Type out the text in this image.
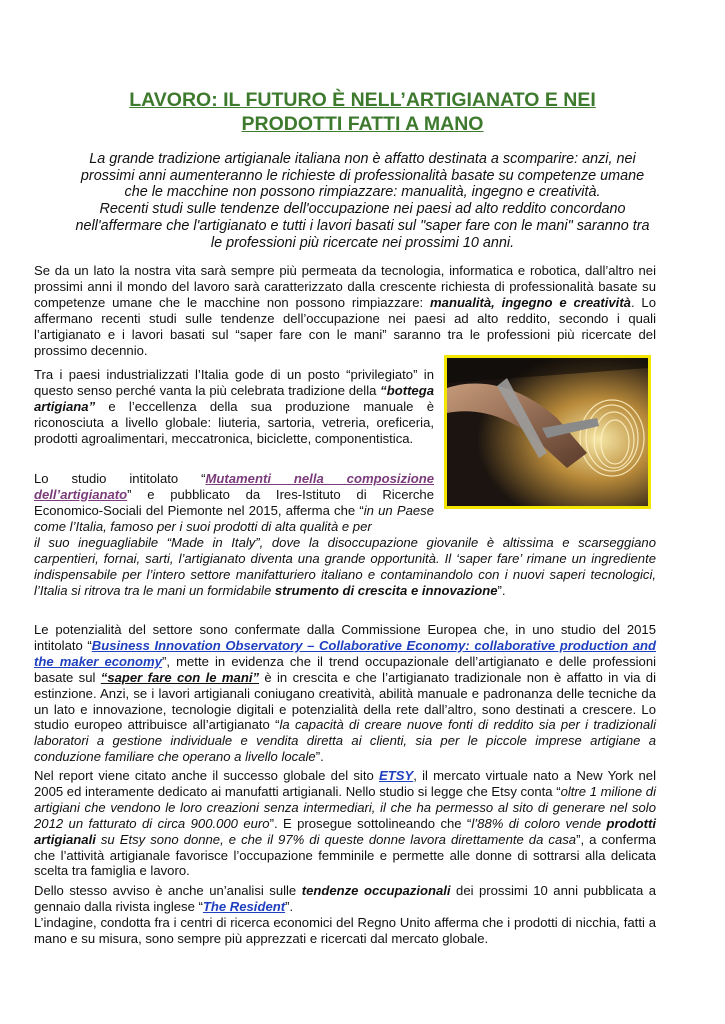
LAVORO: IL FUTURO È NELL’ARTIGIANATO E NEI
PRODOTTI FATTI A MANO

La grande tradizione artigianale italiana non è affatto destinata a scomparire: anzi, nei
prossimi anni aumenteranno le richieste di professionalità basate su competenze umane
che le macchine non possono rimpiazzare: manualità, ingegno e creatività.
Recenti studi sulle tendenze dell'occupazione nei paesi ad alto reddito concordano
nell'affermare che l'artigianato e tutti i lavori basati sul "saper fare con le mani" saranno tra
le professioni più ricercate nei prossimi 10 anni.

Se da un lato la nostra vita sarà sempre più permeata da tecnologia, informatica e robotica, dall’altro nei prossimi anni il mondo del lavoro sarà caratterizzato dalla crescente richiesta di professionalità basate su competenze umane che le macchine non possono rimpiazzare: manualità, ingegno e creatività. Lo affermano recenti studi sulle tendenze dell’occupazione nei paesi ad alto reddito, secondo i quali l’artigianato e i lavori basati sul “saper fare con le mani” saranno tra le professioni più ricercate del prossimo decennio.

Tra i paesi industrializzati l’Italia gode di un posto “privilegiato” in questo senso perché vanta la più celebrata tradizione della “bottega artigiana” e l’eccellenza della sua produzione manuale è riconosciuta a livello globale: liuteria, sartoria, vetreria, oreficeria, prodotti agroalimentari, meccatronica, biciclette, componentistica.

Lo studio intitolato “Mutamenti nella composizione dell’artigianato” e pubblicato da Ires-Istituto di Ricerche Economico-Sociali del Piemonte nel 2015, afferma che “in un Paese come l’Italia, famoso per i suoi prodotti di alta qualità e per

il suo ineguagliabile “Made in Italy”, dove la disoccupazione giovanile è altissima e scarseggiano carpentieri, fornai, sarti, l’artigianato diventa una grande opportunità. Il ‘saper fare’ rimane un ingrediente indispensabile per l’intero settore manifatturiero italiano e contaminandolo con i nuovi saperi tecnologici, l’Italia si ritrova tra le mani un formidabile strumento di crescita e innovazione”.

Le potenzialità del settore sono confermate dalla Commissione Europea che, in uno studio del 2015 intitolato “Business Innovation Observatory – Collaborative Economy: collaborative production and the maker economy”, mette in evidenza che il trend occupazionale dell’artigianato e delle professioni basate sul “saper fare con le mani” è in crescita e che l’artigianato tradizionale non è affatto in via di estinzione. Anzi, se i lavori artigianali coniugano creatività, abilità manuale e padronanza delle tecniche da un lato e innovazione, tecnologie digitali e potenzialità della rete dall’altro, sono destinati a crescere. Lo studio europeo attribuisce all’artigianato “la capacità di creare nuove fonti di reddito sia per i tradizionali laboratori a gestione individuale e vendita diretta ai clienti, sia per le piccole imprese artigiane a conduzione familiare che operano a livello locale”.

Nel report viene citato anche il successo globale del sito ETSY, il mercato virtuale nato a New York nel 2005 ed interamente dedicato ai manufatti artigianali. Nello studio si legge che Etsy conta “oltre 1 milione di artigiani che vendono le loro creazioni senza intermediari, il che ha permesso al sito di generare nel solo 2012 un fatturato di circa 900.000 euro”. E prosegue sottolineando che “l’88% di coloro vende prodotti artigianali su Etsy sono donne, e che il 97% di queste donne lavora direttamente da casa”, a conferma che l’attività artigianale favorisce l’occupazione femminile e permette alle donne di sottrarsi alla delicata scelta tra famiglia e lavoro.

Dello stesso avviso è anche un’analisi sulle tendenze occupazionali dei prossimi 10 anni pubblicata a gennaio dalla rivista inglese “The Resident”.

L’indagine, condotta fra i centri di ricerca economici del Regno Unito afferma che i prodotti di nicchia, fatti a mano e su misura, sono sempre più apprezzati e ricercati dal mercato globale.
